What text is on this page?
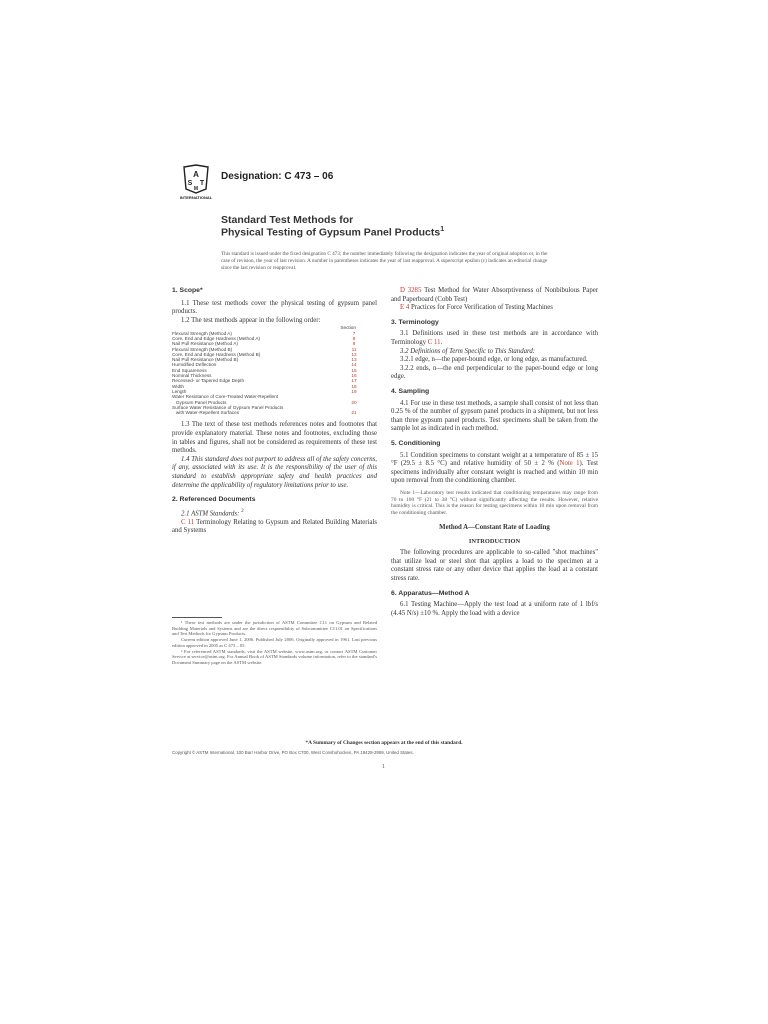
A
S T
M
INTERNATIONAL
Designation: C 473 – 06
Standard Test Methods for
Physical Testing of Gypsum Panel Products$^1$
This standard is issued under the fixed designation C 473; the number immediately following the designation indicates the year of original adoption or, in the case of revision, the year of last revision. A number in parentheses indicates the year of last reapproval. A superscript epsilon (ε) indicates an editorial change since the last revision or reapproval.

1. Scope*

1.1 These test methods cover the physical testing of gypsum panel products.

1.2 The test methods appear in the following order:

Section
Flexural Strength (Method A)	7
Core, End and Edge Hardness (Method A)	8
Nail Pull Resistance (Method A)	9
Flexural Strength (Method B)	11
Core, End and Edge Hardness (Method B)	12
Nail Pull Resistance (Method B)	13
Humidified Deflection	14
End Squareness	15
Nominal Thickness	16
Recessed- or Tapered Edge Depth	17
Width	18
Length	19
Water Resistance of Core-Treated Water-Repellent
Gypsum Panel Products	20
Surface Water Resistance of Gypsum Panel Products
with Water-Repellent Surfaces	21

1.3 The text of these test methods references notes and footnotes that provide explanatory material. These notes and footnotes, excluding those in tables and figures, shall not be considered as requirements of these test methods.

1.4 This standard does not purport to address all of the safety concerns, if any, associated with its use. It is the responsibility of the user of this standard to establish appropriate safety and health practices and determine the applicability of regulatory limitations prior to use.

2. Referenced Documents

2.1 ASTM Standards: $^2$

C 11 Terminology Relating to Gypsum and Related Building Materials and Systems

¹ These test methods are under the jurisdiction of ASTM Committee C11 on Gypsum and Related Building Materials and Systems and are the direct responsibility of Subcommittee C11.01 on Specifications and Test Methods for Gypsum Products.
Current edition approved June 1, 2006. Published July 2006. Originally approved in 1961. Last previous edition approved in 2005 as C 473 – 05.
² For referenced ASTM standards, visit the ASTM website, www.astm.org, or contact ASTM Customer Service at service@astm.org. For Annual Book of ASTM Standards volume information, refer to the standard's Document Summary page on the ASTM website.

D 3285 Test Method for Water Absorptiveness of Nonbibulous Paper and Paperboard (Cobb Test)

E 4 Practices for Force Verification of Testing Machines

3. Terminology

3.1 Definitions used in these test methods are in accordance with Terminology C 11.

3.2 Definitions of Term Specific to This Standard:

3.2.1 edge, n—the paper-bound edge, or long edge, as manufactured.

3.2.2 ends, n—the end perpendicular to the paper-bound edge or long edge.

4. Sampling

4.1 For use in these test methods, a sample shall consist of not less than 0.25 % of the number of gypsum panel products in a shipment, but not less than three gypsum panel products. Test specimens shall be taken from the sample lot as indicated in each method.

5. Conditioning

5.1 Condition specimens to constant weight at a temperature of 85 ± 15 °F (29.5 ± 8.5 °C) and relative humidity of 50 ± 2 % (Note 1). Test specimens individually after constant weight is reached and within 10 min upon removal from the conditioning chamber.

Note 1—Laboratory test results indicated that conditioning temperatures may range from 70 to 100 °F (21 to 38 °C) without significantly affecting the results. However, relative humidity is critical. This is the reason for testing specimens within 10 min upon removal from the conditioning chamber.

Method A—Constant Rate of Loading

INTRODUCTION

The following procedures are applicable to so-called "shot machines" that utilize lead or steel shot that applies a load to the specimen at a constant stress rate or any other device that applies the load at a constant stress rate.

6. Apparatus—Method A

6.1 Testing Machine—Apply the test load at a uniform rate of 1 lbf/s (4.45 N/s) ±10 %. Apply the load with a device

*A Summary of Changes section appears at the end of this standard.
Copyright © ASTM International, 100 Barr Harbor Drive, PO Box C700, West Conshohocken, PA 19428-2959, United States.
1
